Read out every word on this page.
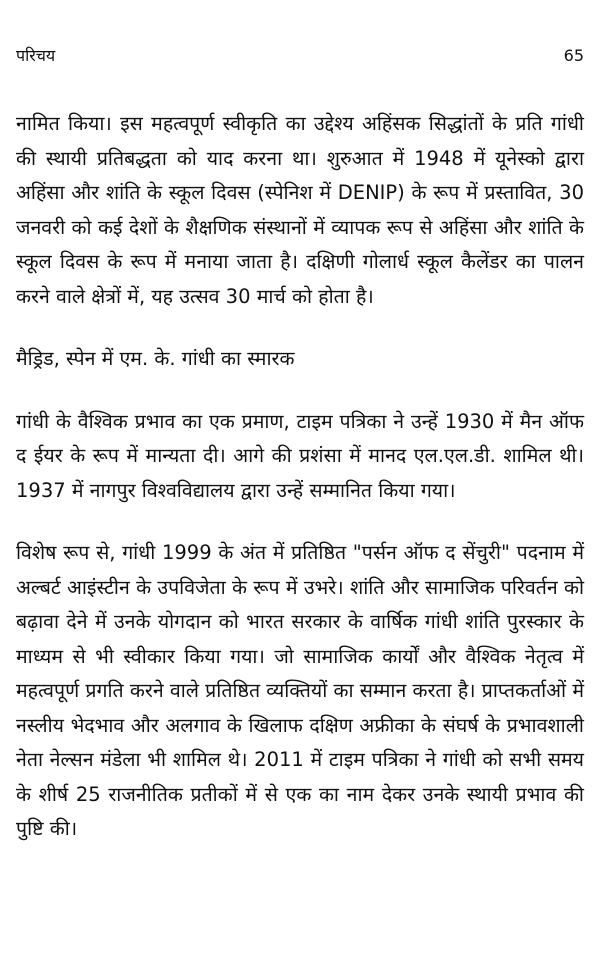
परिचय	65

नामित किया। इस महत्वपूर्ण स्वीकृति का उद्देश्य अहिंसक सिद्धांतों के प्रति गांधी की स्थायी प्रतिबद्धता को याद करना था। शुरुआत में 1948 में यूनेस्को द्वारा अहिंसा और शांति के स्कूल दिवस (स्पेनिश में DENIP) के रूप में प्रस्तावित, 30 जनवरी को कई देशों के शैक्षणिक संस्थानों में व्यापक रूप से अहिंसा और शांति के स्कूल दिवस के रूप में मनाया जाता है। दक्षिणी गोलार्ध स्कूल कैलेंडर का पालन करने वाले क्षेत्रों में, यह उत्सव 30 मार्च को होता है।

मैड्रिड, स्पेन में एम. के. गांधी का स्मारक

गांधी के वैश्विक प्रभाव का एक प्रमाण, टाइम पत्रिका ने उन्हें 1930 में मैन ऑफ द ईयर के रूप में मान्यता दी। आगे की प्रशंसा में मानद एल.एल.डी. शामिल थी। 1937 में नागपुर विश्वविद्यालय द्वारा उन्हें सम्मानित किया गया।

विशेष रूप से, गांधी 1999 के अंत में प्रतिष्ठित "पर्सन ऑफ द सेंचुरी" पदनाम में अल्बर्ट आइंस्टीन के उपविजेता के रूप में उभरे। शांति और सामाजिक परिवर्तन को बढ़ावा देने में उनके योगदान को भारत सरकार के वार्षिक गांधी शांति पुरस्कार के माध्यम से भी स्वीकार किया गया। जो सामाजिक कार्यों और वैश्विक नेतृत्व में महत्वपूर्ण प्रगति करने वाले प्रतिष्ठित व्यक्तियों का सम्मान करता है। प्राप्तकर्ताओं में नस्लीय भेदभाव और अलगाव के खिलाफ दक्षिण अफ्रीका के संघर्ष के प्रभावशाली नेता नेल्सन मंडेला भी शामिल थे। 2011 में टाइम पत्रिका ने गांधी को सभी समय के शीर्ष 25 राजनीतिक प्रतीकों में से एक का नाम देकर उनके स्थायी प्रभाव की पुष्टि की।
